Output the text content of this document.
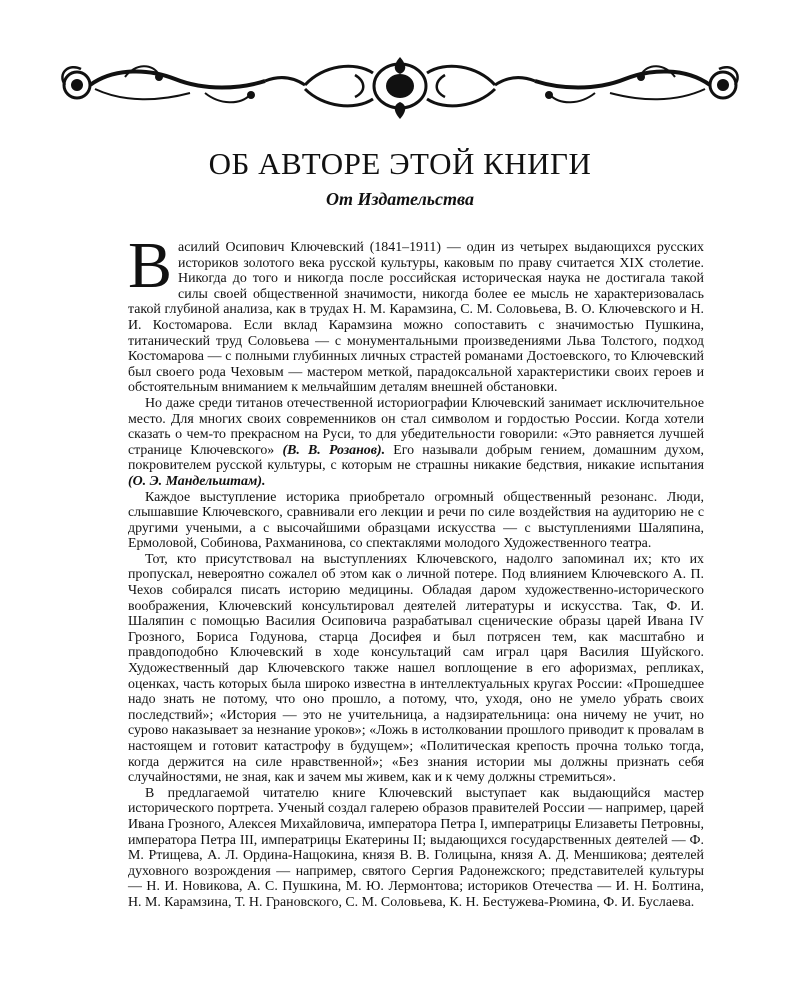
ОБ АВТОРЕ ЭТОЙ КНИГИ
От Издательства

Василий Осипович Ключевский (1841–1911) — один из четырех выдающихся русских историков золотого века русской культуры, каковым по праву считается XIX столетие. Никогда до того и никогда после российская историческая наука не достигала такой силы своей общественной значимости, никогда более ее мысль не характеризовалась такой глубиной анализа, как в трудах Н. М. Карамзина, С. М. Соловьева, В. О. Ключевского и Н. И. Костомарова. Если вклад Карамзина можно сопоставить с значимостью Пушкина, титанический труд Соловьева — с монументальными произведениями Льва Толстого, подход Костомарова — с полными глубинных личных страстей романами Достоевского, то Ключевский был своего рода Чеховым — мастером меткой, парадоксальной характеристики своих героев и обстоятельным вниманием к мельчайшим деталям внешней обстановки.

Но даже среди титанов отечественной историографии Ключевский занимает исключительное место. Для многих своих современников он стал символом и гордостью России. Когда хотели сказать о чем-то прекрасном на Руси, то для убедительности говорили: «Это равняется лучшей странице Ключевского» (В. В. Розанов). Его называли добрым гением, домашним духом, покровителем русской культуры, с которым не страшны никакие бедствия, никакие испытания (О. Э. Мандельштам).

Каждое выступление историка приобретало огромный общественный резонанс. Люди, слышавшие Ключевского, сравнивали его лекции и речи по силе воздействия на аудиторию не с другими учеными, а с высочайшими образцами искусства — с выступлениями Шаляпина, Ермоловой, Собинова, Рахманинова, со спектаклями молодого Художественного театра.

Тот, кто присутствовал на выступлениях Ключевского, надолго запоминал их; кто их пропускал, невероятно сожалел об этом как о личной потере. Под влиянием Ключевского А. П. Чехов собирался писать историю медицины. Обладая даром художественно-исторического воображения, Ключевский консультировал деятелей литературы и искусства. Так, Ф. И. Шаляпин с помощью Василия Осиповича разрабатывал сценические образы царей Ивана IV Грозного, Бориса Годунова, старца Досифея и был потрясен тем, как масштабно и правдоподобно Ключевский в ходе консультаций сам играл царя Василия Шуйского. Художественный дар Ключевского также нашел воплощение в его афоризмах, репликах, оценках, часть которых была широко известна в интеллектуальных кругах России: «Прошедшее надо знать не потому, что оно прошло, а потому, что, уходя, оно не умело убрать своих последствий»; «История — это не учительница, а надзирательница: она ничему не учит, но сурово наказывает за незнание уроков»; «Ложь в истолковании прошлого приводит к провалам в настоящем и готовит катастрофу в будущем»; «Политическая крепость прочна только тогда, когда держится на силе нравственной»; «Без знания истории мы должны признать себя случайностями, не зная, как и зачем мы живем, как и к чему должны стремиться».

В предлагаемой читателю книге Ключевский выступает как выдающийся мастер исторического портрета. Ученый создал галерею образов правителей России — например, царей Ивана Грозного, Алексея Михайловича, императора Петра I, императрицы Елизаветы Петровны, императора Петра III, императрицы Екатерины II; выдающихся государственных деятелей — Ф. М. Ртищева, А. Л. Ордина-Нащокина, князя В. В. Голицына, князя А. Д. Меншикова; деятелей духовного возрождения — например, святого Сергия Радонежского; представителей культуры — Н. И. Новикова, А. С. Пушкина, М. Ю. Лермонтова; историков Отечества — И. Н. Болтина, Н. М. Карамзина, Т. Н. Грановского, С. М. Соловьева, К. Н. Бестужева-Рюмина, Ф. И. Буслаева.
